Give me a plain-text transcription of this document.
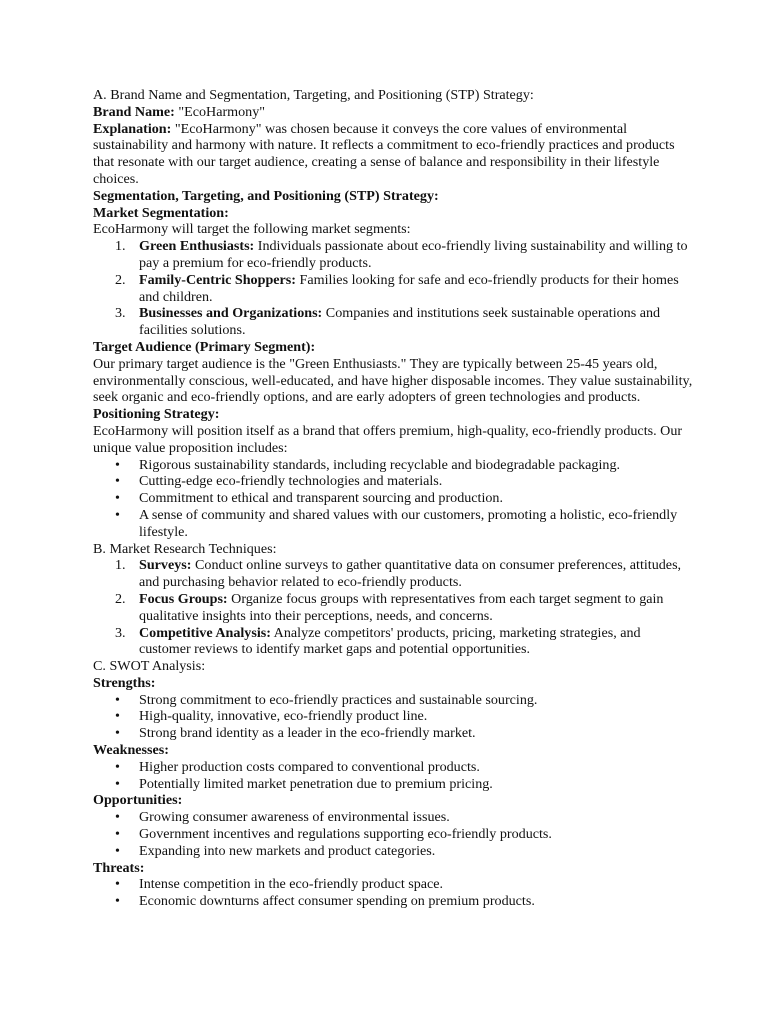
A. Brand Name and Segmentation, Targeting, and Positioning (STP) Strategy:
Brand Name: "EcoHarmony"
Explanation: "EcoHarmony" was chosen because it conveys the core values of environmental sustainability and harmony with nature. It reflects a commitment to eco-friendly practices and products that resonate with our target audience, creating a sense of balance and responsibility in their lifestyle choices.
Segmentation, Targeting, and Positioning (STP) Strategy:
Market Segmentation:
EcoHarmony will target the following market segments:
1. Green Enthusiasts: Individuals passionate about eco-friendly living sustainability and willing to pay a premium for eco-friendly products.
2. Family-Centric Shoppers: Families looking for safe and eco-friendly products for their homes and children.
3. Businesses and Organizations: Companies and institutions seek sustainable operations and facilities solutions.
Target Audience (Primary Segment):
Our primary target audience is the "Green Enthusiasts." They are typically between 25-45 years old, environmentally conscious, well-educated, and have higher disposable incomes. They value sustainability, seek organic and eco-friendly options, and are early adopters of green technologies and products.
Positioning Strategy:
EcoHarmony will position itself as a brand that offers premium, high-quality, eco-friendly products. Our unique value proposition includes:
•	Rigorous sustainability standards, including recyclable and biodegradable packaging.
•	Cutting-edge eco-friendly technologies and materials.
•	Commitment to ethical and transparent sourcing and production.
•	A sense of community and shared values with our customers, promoting a holistic, eco-friendly lifestyle.
B. Market Research Techniques:
1. Surveys: Conduct online surveys to gather quantitative data on consumer preferences, attitudes, and purchasing behavior related to eco-friendly products.
2. Focus Groups: Organize focus groups with representatives from each target segment to gain qualitative insights into their perceptions, needs, and concerns.
3. Competitive Analysis: Analyze competitors' products, pricing, marketing strategies, and customer reviews to identify market gaps and potential opportunities.
C. SWOT Analysis:
Strengths:
•	Strong commitment to eco-friendly practices and sustainable sourcing.
•	High-quality, innovative, eco-friendly product line.
•	Strong brand identity as a leader in the eco-friendly market.
Weaknesses:
•	Higher production costs compared to conventional products.
•	Potentially limited market penetration due to premium pricing.
Opportunities:
•	Growing consumer awareness of environmental issues.
•	Government incentives and regulations supporting eco-friendly products.
•	Expanding into new markets and product categories.
Threats:
•	Intense competition in the eco-friendly product space.
•	Economic downturns affect consumer spending on premium products.
